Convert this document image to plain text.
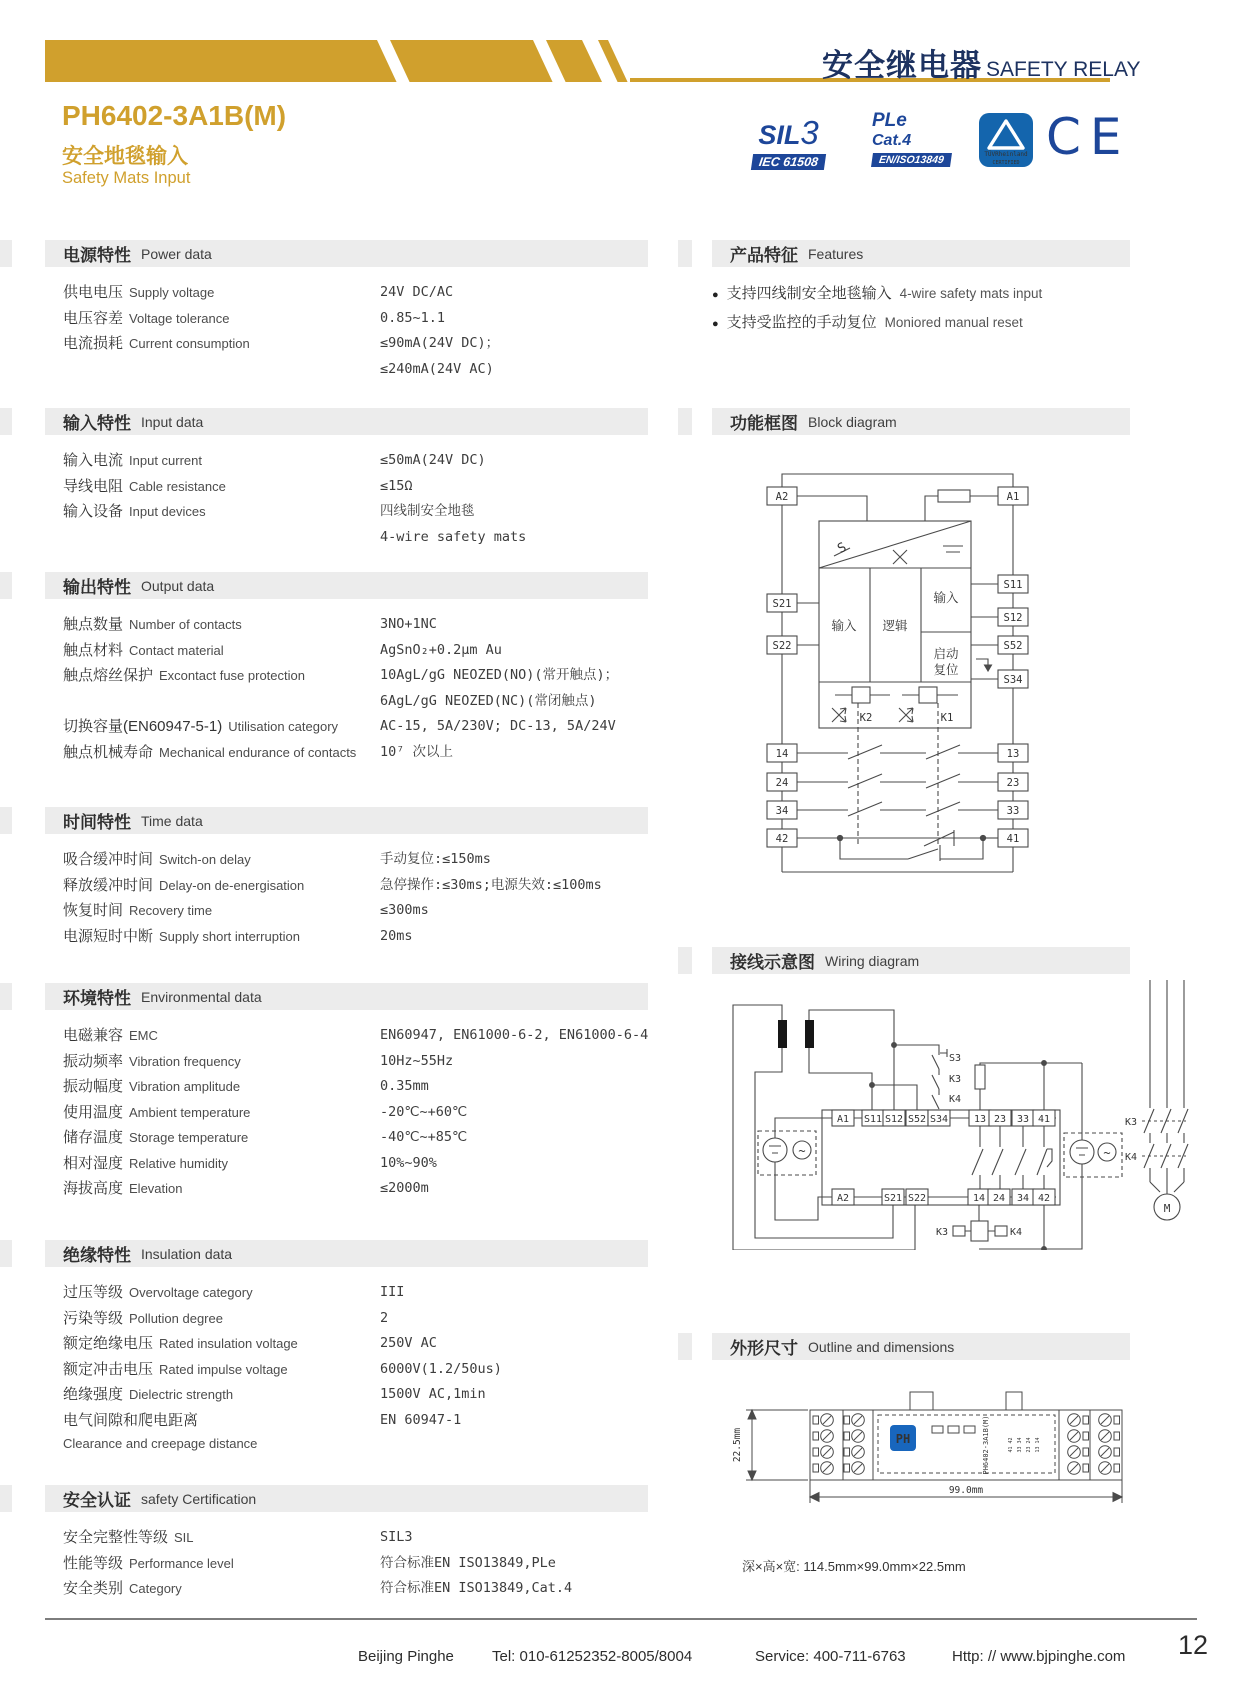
安全继电器 SAFETY RELAY
PH6402-3A1B(M)
安全地毯输入
Safety Mats Input
SIL3
IEC 61508
PLe
Cat.4
EN/ISO13849	TÜVRheinland
CERTIFIED CE
电源特性 Power data
供电电压 Supply voltage	24V DC/AC
电压容差 Voltage tolerance	0.85~1.1
电流损耗 Current consumption	≤90mA(24V DC)；
≤240mA(24V AC)
输入特性 Input data
输入电流 Input current	≤50mA(24V DC)
导线电阻 Cable resistance	≤15Ω
输入设备 Input devices	四线制安全地毯
4-wire safety mats
输出特性 Output data
触点数量 Number of contacts	3NO+1NC
触点材料 Contact material	AgSnO₂+0.2μm Au
触点熔丝保护 Excontact fuse protection	10AgL/gG NEOZED(NO)(常开触点)；
6AgL/gG NEOZED(NC)(常闭触点)
切换容量(EN60947-5-1) Utilisation category	AC-15, 5A/230V; DC-13, 5A/24V
触点机械寿命 Mechanical endurance of contacts	10⁷ 次以上
时间特性 Time data
吸合缓冲时间 Switch-on delay	手动复位:≤150ms
释放缓冲时间 Delay-on de-energisation	急停操作:≤30ms;电源失效:≤100ms
恢复时间 Recovery time	≤300ms
电源短时中断 Supply short interruption	20ms
环境特性 Environmental data
电磁兼容 EMC	EN60947, EN61000-6-2, EN61000-6-4
振动频率 Vibration frequency	10Hz~55Hz
振动幅度 Vibration amplitude	0.35mm
使用温度 Ambient temperature	-20℃~+60℃
储存温度 Storage temperature	-40℃~+85℃
相对湿度 Relative humidity	10%~90%
海拔高度 Elevation	≤2000m
绝缘特性 Insulation data
过压等级 Overvoltage category	III
污染等级 Pollution degree	2
额定绝缘电压 Rated insulation voltage	250V AC
额定冲击电压 Rated impulse voltage	6000V(1.2/50us)
绝缘强度 Dielectric strength	1500V AC,1min
电气间隙和爬电距离
Clearance and creepage distance
EN 60947-1
安全认证 safety Certification
安全完整性等级 SIL	SIL3
性能等级 Performance level	符合标准EN ISO13849,PLe
安全类别 Category	符合标准EN ISO13849,Cat.4
产品特征 Features
● 支持四线制安全地毯输入 4-wire safety mats input
● 支持受监控的手动复位 Moniored manual reset
功能框图 Block diagram
A2	A1
S21
S22
S11
S12
S52
S34
14
24
34
42
13
23
33
41
K2	K1
S
输入 逻辑
输入
启动
复位
接线示意图 Wiring diagram
A1 S11 S12 S52 S34	13 23 33 41
A2	S21 S22	14 24 34 42
S3
K3
K4
K3	K4
K3
K4
M
~
~
外形尺寸 Outline and dimensions
PH	PH6402-3A1B(M)	41 42 33 34 23 24 13 14
22.5mm
99.0mm
深×高×宽: 114.5mm×99.0mm×22.5mm
Beijing Pinghe	Tel: 010-61252352-8005/8004	Service: 400-711-6763	Http: // www.bjpinghe.com 12
